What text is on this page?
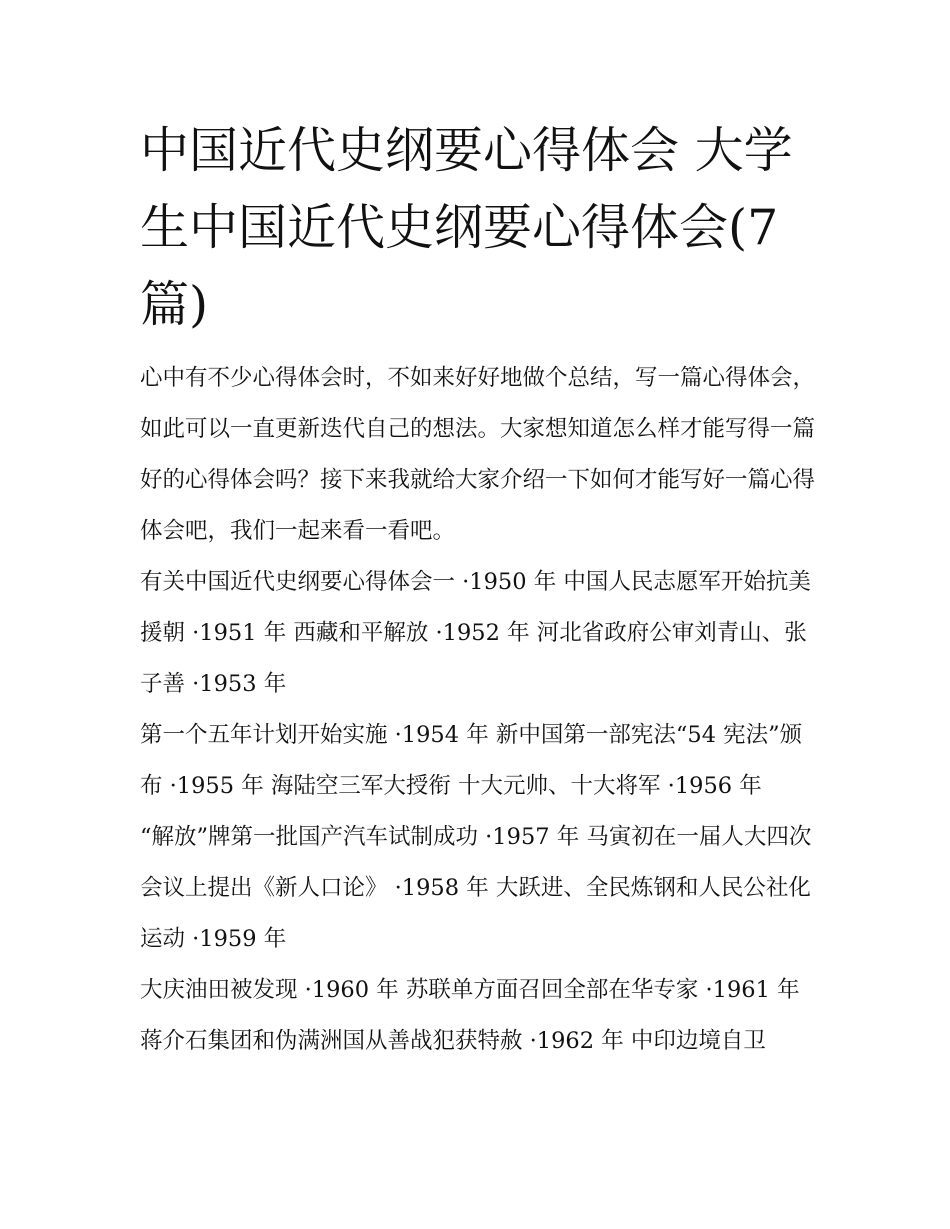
中国近代史纲要心得体会 大学生中国近代史纲要心得体会(7篇)

心中有不少心得体会时，不如来好好地做个总结，写一篇心得体会，如此可以一直更新迭代自己的想法。大家想知道怎么样才能写得一篇好的心得体会吗？接下来我就给大家介绍一下如何才能写好一篇心得体会吧，我们一起来看一看吧。

有关中国近代史纲要心得体会一 ·1950 年 中国人民志愿军开始抗美援朝 ·1951 年 西藏和平解放 ·1952 年 河北省政府公审刘青山、张子善 ·1953 年

第一个五年计划开始实施 ·1954 年 新中国第一部宪法“54 宪法”颁布 ·1955 年 海陆空三军大授衔 十大元帅、十大将军 ·1956 年

“解放”牌第一批国产汽车试制成功 ·1957 年 马寅初在一届人大四次会议上提出《新人口论》 ·1958 年 大跃进、全民炼钢和人民公社化运动 ·1959 年

大庆油田被发现 ·1960 年 苏联单方面召回全部在华专家 ·1961 年 蒋介石集团和伪满洲国从善战犯获特赦 ·1962 年 中印边境自卫
